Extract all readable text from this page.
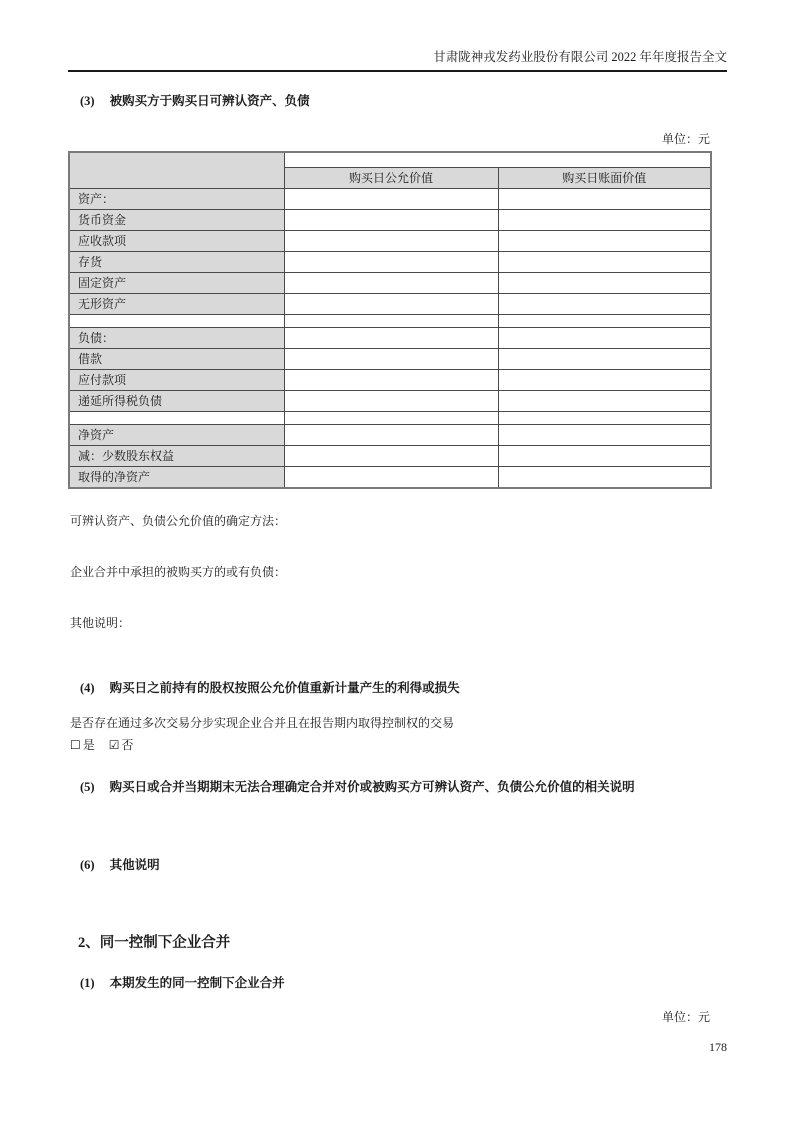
甘肃陇神戎发药业股份有限公司 2022 年年度报告全文
(3) 被购买方于购买日可辨认资产、负债
单位：元

	购买日公允价值	购买日账面价值
资产：		
货币资金		
应收款项		
存货		
固定资产		
无形资产		

负债：		
借款		
应付款项		
递延所得税负债		

净资产		
减：少数股东权益		
取得的净资产		
可辨认资产、负债公允价值的确定方法：
企业合并中承担的被购买方的或有负债：
其他说明：
(4) 购买日之前持有的股权按照公允价值重新计量产生的利得或损失
是否存在通过多次交易分步实现企业合并且在报告期内取得控制权的交易
☐ 是 ☑ 否
(5) 购买日或合并当期期末无法合理确定合并对价或被购买方可辨认资产、负债公允价值的相关说明
(6) 其他说明
2、同一控制下企业合并
(1) 本期发生的同一控制下企业合并
单位：元
178
